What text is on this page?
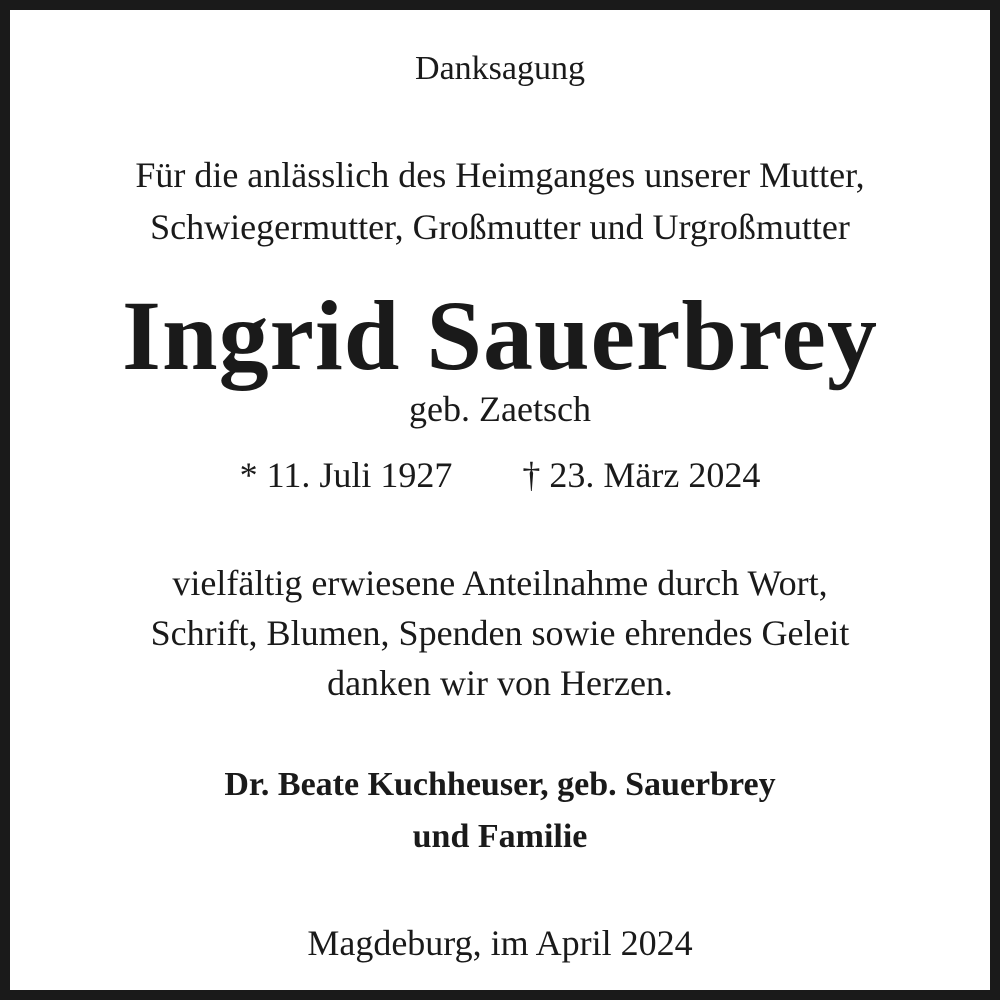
Danksagung
Für die anlässlich des Heimganges unserer Mutter,
Schwiegermutter, Großmutter und Urgroßmutter
Ingrid Sauerbrey
geb. Zaetsch
* 11. Juli 1927 † 23. März 2024
vielfältig erwiesene Anteilnahme durch Wort,
Schrift, Blumen, Spenden sowie ehrendes Geleit
danken wir von Herzen.
Dr. Beate Kuchheuser, geb. Sauerbrey
und Familie
Magdeburg, im April 2024
